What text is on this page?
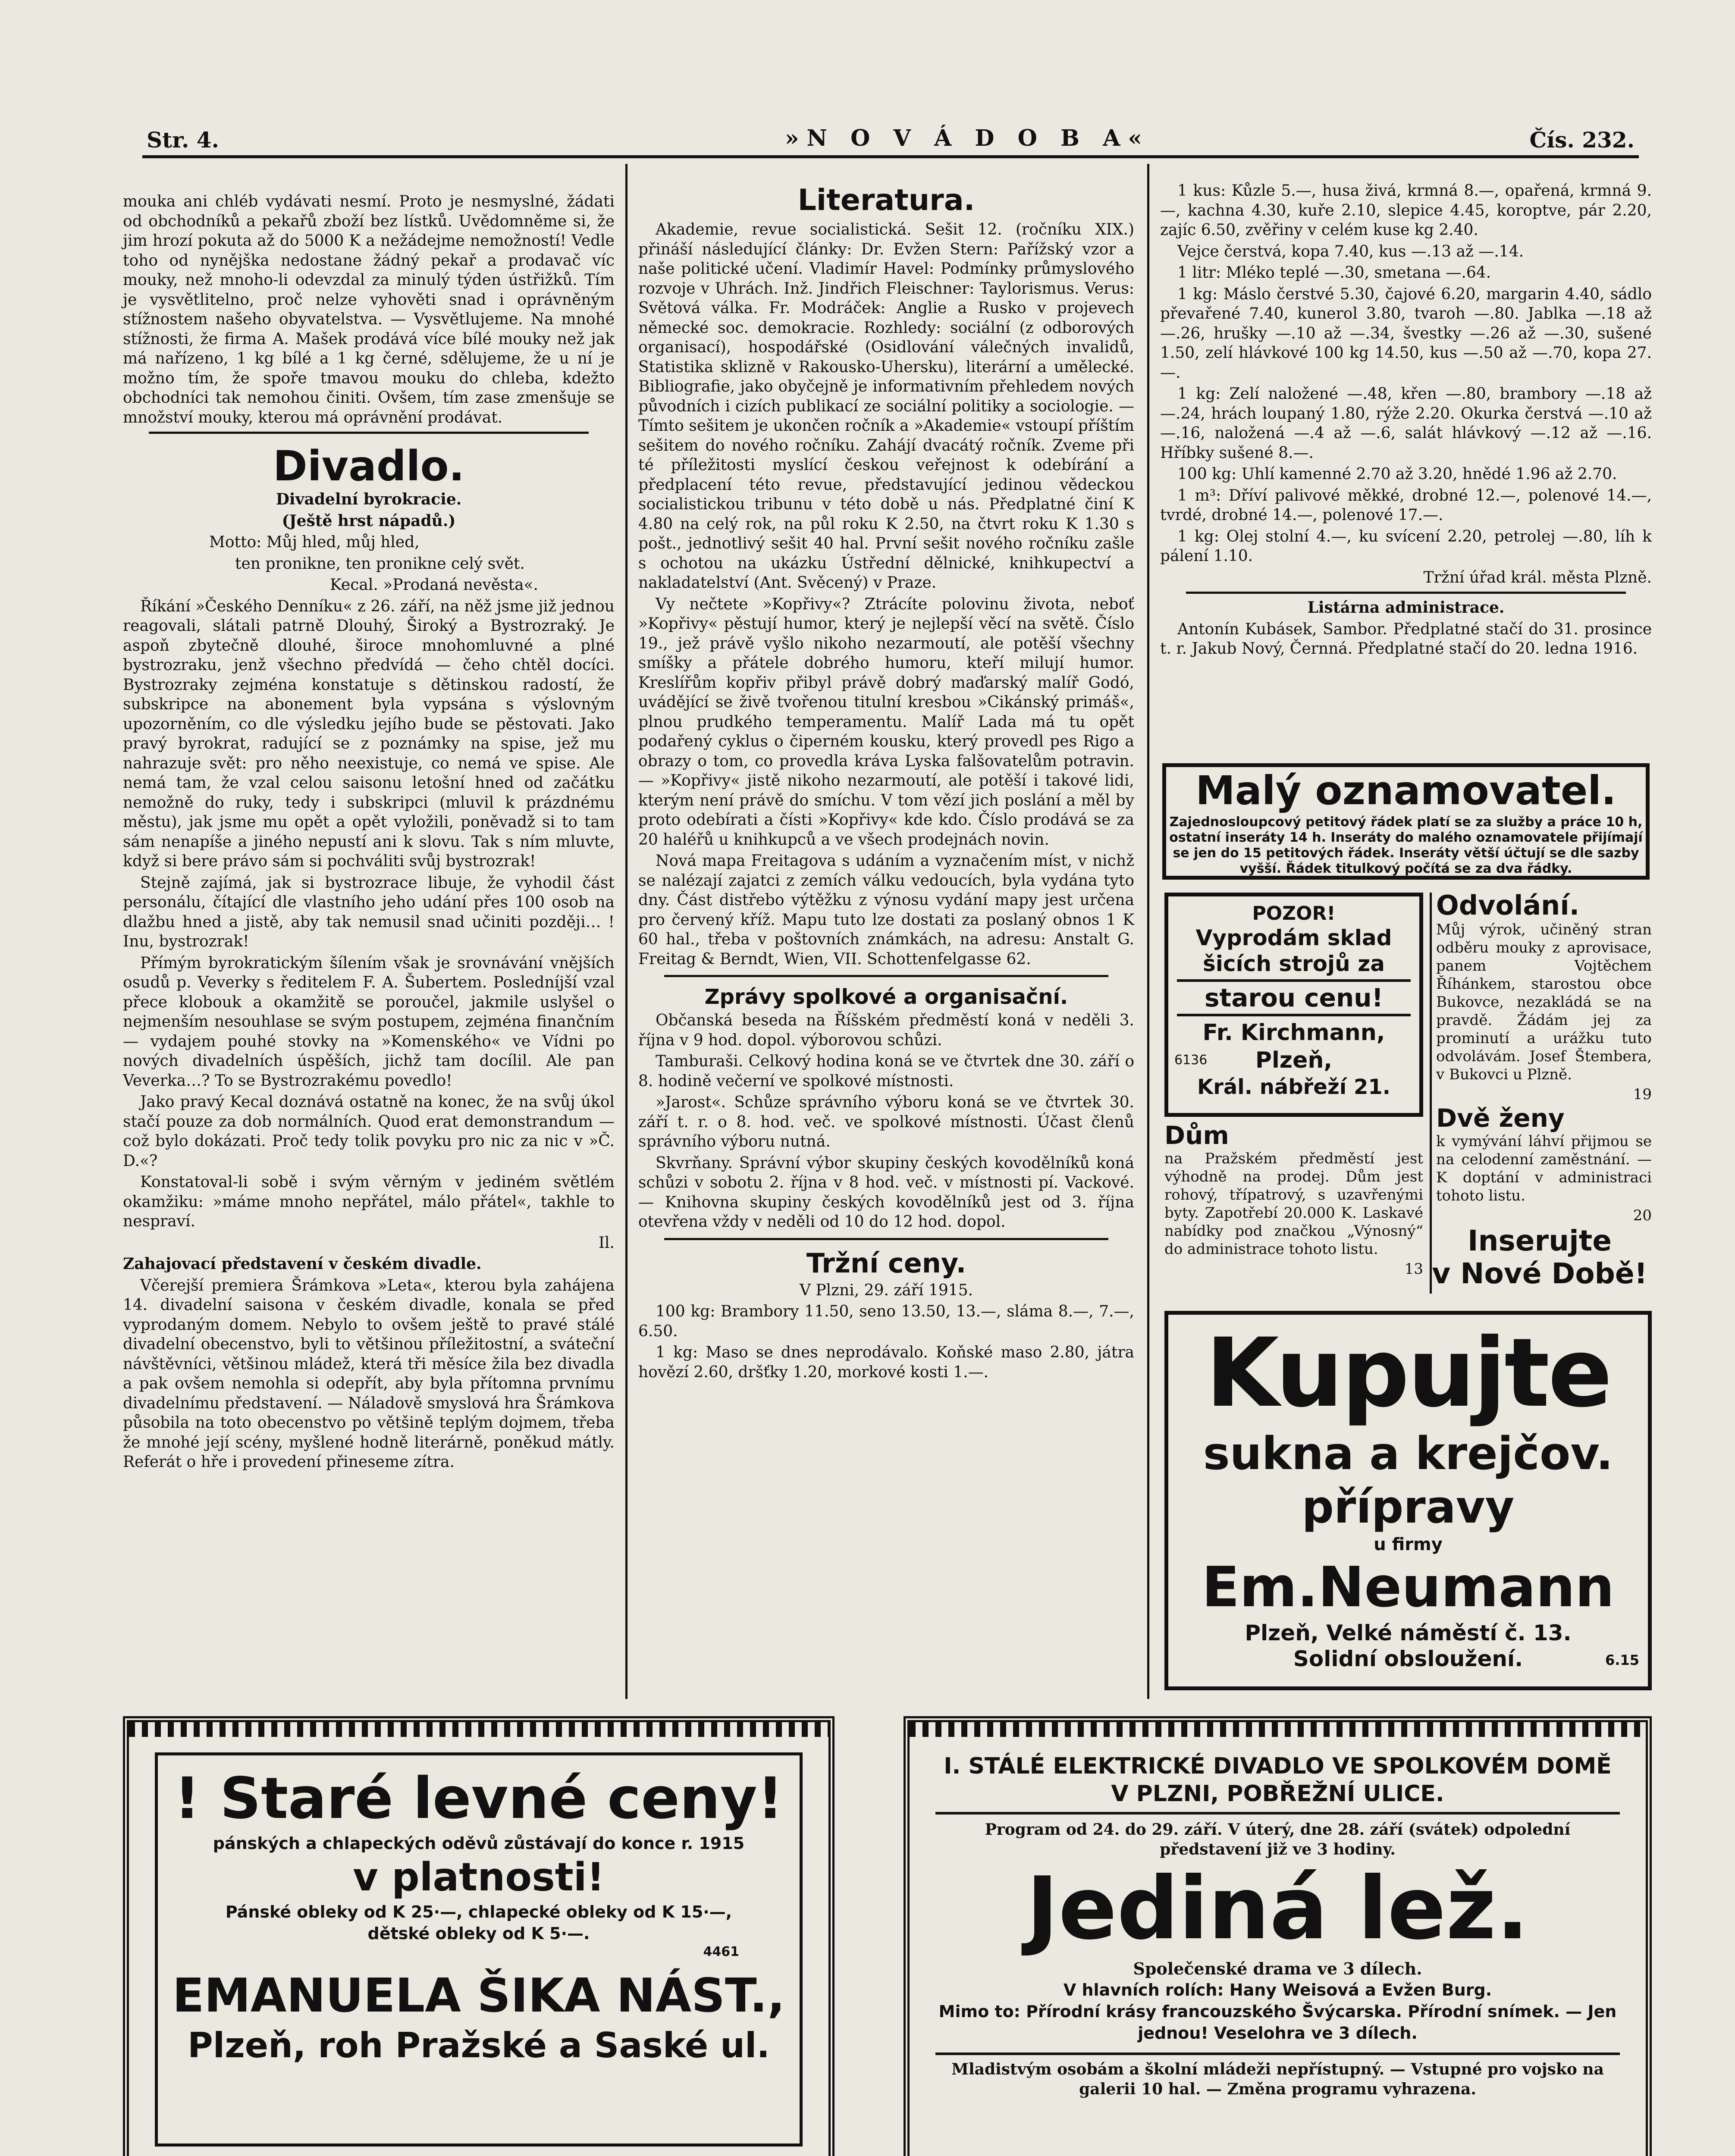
Str. 4.	»N O V Á D O B A«	Čís. 232.

mouka ani chléb vydávati nesmí. Proto je nesmyslné, žádati od obchodníků a pekařů zboží bez lístků. Uvědomněme si, že jim hrozí pokuta až do 5000 K a nežádejme nemožností! Vedle toho od nynějška nedostane žádný pekař a prodavač víc mouky, než mnoho-li odevzdal za minulý týden ústřižků. Tím je vysvětlitelno, proč nelze vyhověti snad i oprávněným stížnostem našeho obyvatelstva. — Vysvětlujeme. Na mnohé stížnosti, že firma A. Mašek prodává více bílé mouky než jak má nařízeno, 1 kg bílé a 1 kg černé, sdělujeme, že u ní je možno tím, že spoře tmavou mouku do chleba, kdežto obchodníci tak nemohou činiti. Ovšem, tím zase zmenšuje se množství mouky, kterou má oprávnění prodávat.

Divadlo.

Divadelní byrokracie.

(Ještě hrst nápadů.)

Motto: Můj hled, můj hled,

ten pronikne, ten pronikne celý svět.

Kecal. »Prodaná nevěsta«.

Říkání »Českého Denníku« z 26. září, na něž jsme již jednou reagovali, slátali patrně Dlouhý, Široký a Bystrozraký. Je aspoň zbytečně dlouhé, široce mnohomluvné a plné bystrozraku, jenž všechno předvídá — čeho chtěl docíci. Bystrozraky zejména konstatuje s dětinskou radostí, že subskripce na abonement byla vypsána s výslovným upozorněním, co dle výsledku jejího bude se pěstovati. Jako pravý byrokrat, radující se z poznámky na spise, jež mu nahrazuje svět: pro něho neexistuje, co nemá ve spise. Ale nemá tam, že vzal celou saisonu letošní hned od začátku nemožně do ruky, tedy i subskripci (mluvil k prázdnému městu), jak jsme mu opět a opět vyložili, poněvadž si to tam sám nenapíše a jiného nepustí ani k slovu. Tak s ním mluvte, když si bere právo sám si pochváliti svůj bystrozrak!

Stejně zajímá, jak si bystrozrace libuje, že vyhodil část personálu, čítající dle vlastního jeho udání přes 100 osob na dlažbu hned a jistě, aby tak nemusil snad učiniti později… ! Inu, bystrozrak!

Přímým byrokratickým šílením však je srovnávání vnějších osudů p. Veverky s ředitelem F. A. Šubertem. Posledníjší vzal přece klobouk a okamžitě se poroučel, jakmile uslyšel o nejmenším nesouhlase se svým postupem, zejména finančním — vydajem pouhé stovky na »Komenského« ve Vídni po nových divadelních úspěších, jichž tam docílil. Ale pan Veverka…? To se Bystrozrakému povedlo!

Jako pravý Kecal doznává ostatně na konec, že na svůj úkol stačí pouze za dob normálních. Quod erat demonstrandum — což bylo dokázati. Proč tedy tolik povyku pro nic za nic v »Č. D.«?

Konstatoval-li sobě i svým věrným v jediném světlém okamžiku: »máme mnoho nepřátel, málo přátel«, takhle to nespraví.

Il.

Zahajovací představení v českém divadle.

Včerejší premiera Šrámkova »Leta«, kterou byla zahájena 14. divadelní saisona v českém divadle, konala se před vyprodaným domem. Nebylo to ovšem ještě to pravé stálé divadelní obecenstvo, byli to většinou příležitostní, a sváteční návštěvníci, většinou mládež, která tři měsíce žila bez divadla a pak ovšem nemohla si odepřít, aby byla přítomna prvnímu divadelnímu představení. — Náladově smyslová hra Šrámkova působila na toto obecenstvo po většině teplým dojmem, třeba že mnohé její scény, myšlené hodně literárně, poněkud mátly. Referát o hře i provedení přineseme zítra.

Literatura.

Akademie, revue socialistická. Sešit 12. (ročníku XIX.) přináší následující články: Dr. Evžen Stern: Pařížský vzor a naše politické učení. Vladimír Havel: Podmínky průmyslového rozvoje v Uhrách. Inž. Jindřich Fleischner: Taylorismus. Verus: Světová válka. Fr. Modráček: Anglie a Rusko v projevech německé soc. demokracie. Rozhledy: sociální (z odborových organisací), hospodářské (Osidlování válečných invalidů, Statistika sklizně v Rakousko-Uhersku), literární a umělecké. Bibliografie, jako obyčejně je informativním přehledem nových původních i cizích publikací ze sociální politiky a sociologie. — Tímto sešitem je ukončen ročník a »Akademie« vstoupí příštím sešitem do nového ročníku. Zahájí dvacátý ročník. Zveme při té příležitosti myslící českou veřejnost k odebírání a předplacení této revue, představující jedinou vědeckou socialistickou tribunu v této době u nás. Předplatné činí K 4.80 na celý rok, na půl roku K 2.50, na čtvrt roku K 1.30 s pošt., jednotlivý sešit 40 hal. První sešit nového ročníku zašle s ochotou na ukázku Ústřední dělnické, knihkupectví a nakladatelství (Ant. Svěcený) v Praze.

Vy nečtete »Kopřivy«? Ztrácíte polovinu života, neboť »Kopřivy« pěstují humor, který je nejlepší věcí na světě. Číslo 19., jež právě vyšlo nikoho nezarmoutí, ale potěší všechny smíšky a přátele dobrého humoru, kteří milují humor. Kreslířům kopřiv přibyl právě dobrý maďarský malíř Godó, uvádějící se živě tvořenou titulní kresbou »Cikánský primáš«, plnou prudkého temperamentu. Malíř Lada má tu opět podařený cyklus o čiperném kousku, který provedl pes Rigo a obrazy o tom, co provedla kráva Lyska falšovatelům potravin. — »Kopřivy« jistě nikoho nezarmoutí, ale potěší i takové lidi, kterým není právě do smíchu. V tom vězí jich poslání a měl by proto odebírati a čísti »Kopřivy« kde kdo. Číslo prodává se za 20 haléřů u knihkupců a ve všech prodejnách novin.

Nová mapa Freitagova s udáním a vyznačením míst, v nichž se nalézají zajatci z zemích válku vedoucích, byla vydána tyto dny. Část distřebo výtěžku z výnosu vydání mapy jest určena pro červený kříž. Mapu tuto lze dostati za poslaný obnos 1 K 60 hal., třeba v poštovních známkách, na adresu: Anstalt G. Freitag & Berndt, Wien, VII. Schottenfelgasse 62.

Zprávy spolkové a organisační.

Občanská beseda na Říšském předměstí koná v neděli 3. října v 9 hod. dopol. výborovou schůzi.

Tamburaši. Celkový hodina koná se ve čtvrtek dne 30. září o 8. hodině večerní ve spolkové místnosti.

»Jarost«. Schůze správního výboru koná se ve čtvrtek 30. září t. r. o 8. hod. več. ve spolkové místnosti. Účast členů správního výboru nutná.

Skvrňany. Správní výbor skupiny českých kovodělníků koná schůzi v sobotu 2. října v 8 hod. več. v místnosti pí. Vackové. — Knihovna skupiny českých kovodělníků jest od 3. října otevřena vždy v neděli od 10 do 12 hod. dopol.

Tržní ceny.

V Plzni, 29. září 1915.

100 kg: Brambory 11.50, seno 13.50, 13.—, sláma 8.—, 7.—, 6.50.

1 kg: Maso se dnes neprodávalo. Koňské maso 2.80, játra hovězí 2.60, dršťky 1.20, morkové kosti 1.—.

1 kus: Kůzle 5.—, husa živá, krmná 8.—, opařená, krmná 9.—, kachna 4.30, kuře 2.10, slepice 4.45, koroptve, pár 2.20, zajíc 6.50, zvěřiny v celém kuse kg 2.40.

Vejce čerstvá, kopa 7.40, kus —.13 až —.14.

1 litr: Mléko teplé —.30, smetana —.64.

1 kg: Máslo čerstvé 5.30, čajové 6.20, margarin 4.40, sádlo převařené 7.40, kunerol 3.80, tvaroh —.80. Jablka —.18 až —.26, hrušky —.10 až —.34, švestky —.26 až —.30, sušené 1.50, zelí hlávkové 100 kg 14.50, kus —.50 až —.70, kopa 27.—.

1 kg: Zelí naložené —.48, křen —.80, brambory —.18 až —.24, hrách loupaný 1.80, rýže 2.20. Okurka čerstvá —.10 až —.16, naložená —.4 až —.6, salát hlávkový —.12 až —.16. Hříbky sušené 8.—.

100 kg: Uhlí kamenné 2.70 až 3.20, hnědé 1.96 až 2.70.

1 m³: Dříví palivové měkké, drobné 12.—, polenové 14.—, tvrdé, drobné 14.—, polenové 17.—.

1 kg: Olej stolní 4.—, ku svícení 2.20, petrolej —.80, líh k pálení 1.10.

Tržní úřad král. města Plzně.

Listárna administrace.

Antonín Kubásek, Sambor. Předplatné stačí do 31. prosince t. r. Jakub Nový, Černná. Předplatné stačí do 20. ledna 1916.

Malý oznamovatel.
Zajednosloupcový petitový řádek platí se za služby a práce 10 h,
ostatní inseráty 14 h. Inseráty do malého oznamovatele přijímají
se jen do 15 petitových řádek. Inseráty větší účtují se dle sazby
vyšší. Řádek titulkový počítá se za dva řádky.
POZOR!
Vyprodám sklad
šicích strojů za
starou cenu!
Fr. Kirchmann,
6136	Plzeň,
Král. nábřeží 21.
Odvolání.

Můj výrok, učiněný stran odběru mouky z aprovisace, panem Vojtěchem Říhánkem, starostou obce Bukovce, nezakládá se na pravdě. Žádám jej za prominutí a urážku tuto odvolávám. Josef Štembera, v Bukovci u Plzně.

19

Dům

na Pražském předměstí jest výhodně na prodej. Dům jest rohový, třípatrový, s uzavřenými byty. Zapotřebí 20.000 K. Laskavé nabídky pod značkou „Výnosný“ do administrace tohoto listu.

13

Dvě ženy

k vymývání láhví přijmou se na celodenní zaměstnání. — K doptání v administraci tohoto listu.

20

Inserujte
v Nové Době!
Kupujte
sukna a krejčov.
přípravy
u firmy
Em.Neumann
Plzeň, Velké náměstí č. 13.
Solidní obsloužení.	6.15
! Staré levné ceny!
pánských a chlapeckých oděvů zůstávají do konce r. 1915
v platnosti!
Pánské obleky od K 25·—, chlapecké obleky od K 15·—, dětské obleky od K 5·—.
4461
EMANUELA ŠIKA NÁST.,
Plzeň, roh Pražské a Saské ul.
I. STÁLÉ ELEKTRICKÉ DIVADLO VE SPOLKOVÉM DOMĚ V PLZNI, POBŘEŽNÍ ULICE.
Program od 24. do 29. září. V úterý, dne 28. září (svátek) odpolední představení již ve 3 hodiny.
Jediná lež.
Společenské drama ve 3 dílech.
V hlavních rolích: Hany Weisová a Evžen Burg.
Mimo to: Přírodní krásy francouzského Švýcarska. Přírodní snímek. — Jen jednou! Veselohra ve 3 dílech.
Mladistvým osobám a školní mládeži nepřístupný. — Vstupné pro vojsko na galerii 10 hal. — Změna programu vyhrazena.
